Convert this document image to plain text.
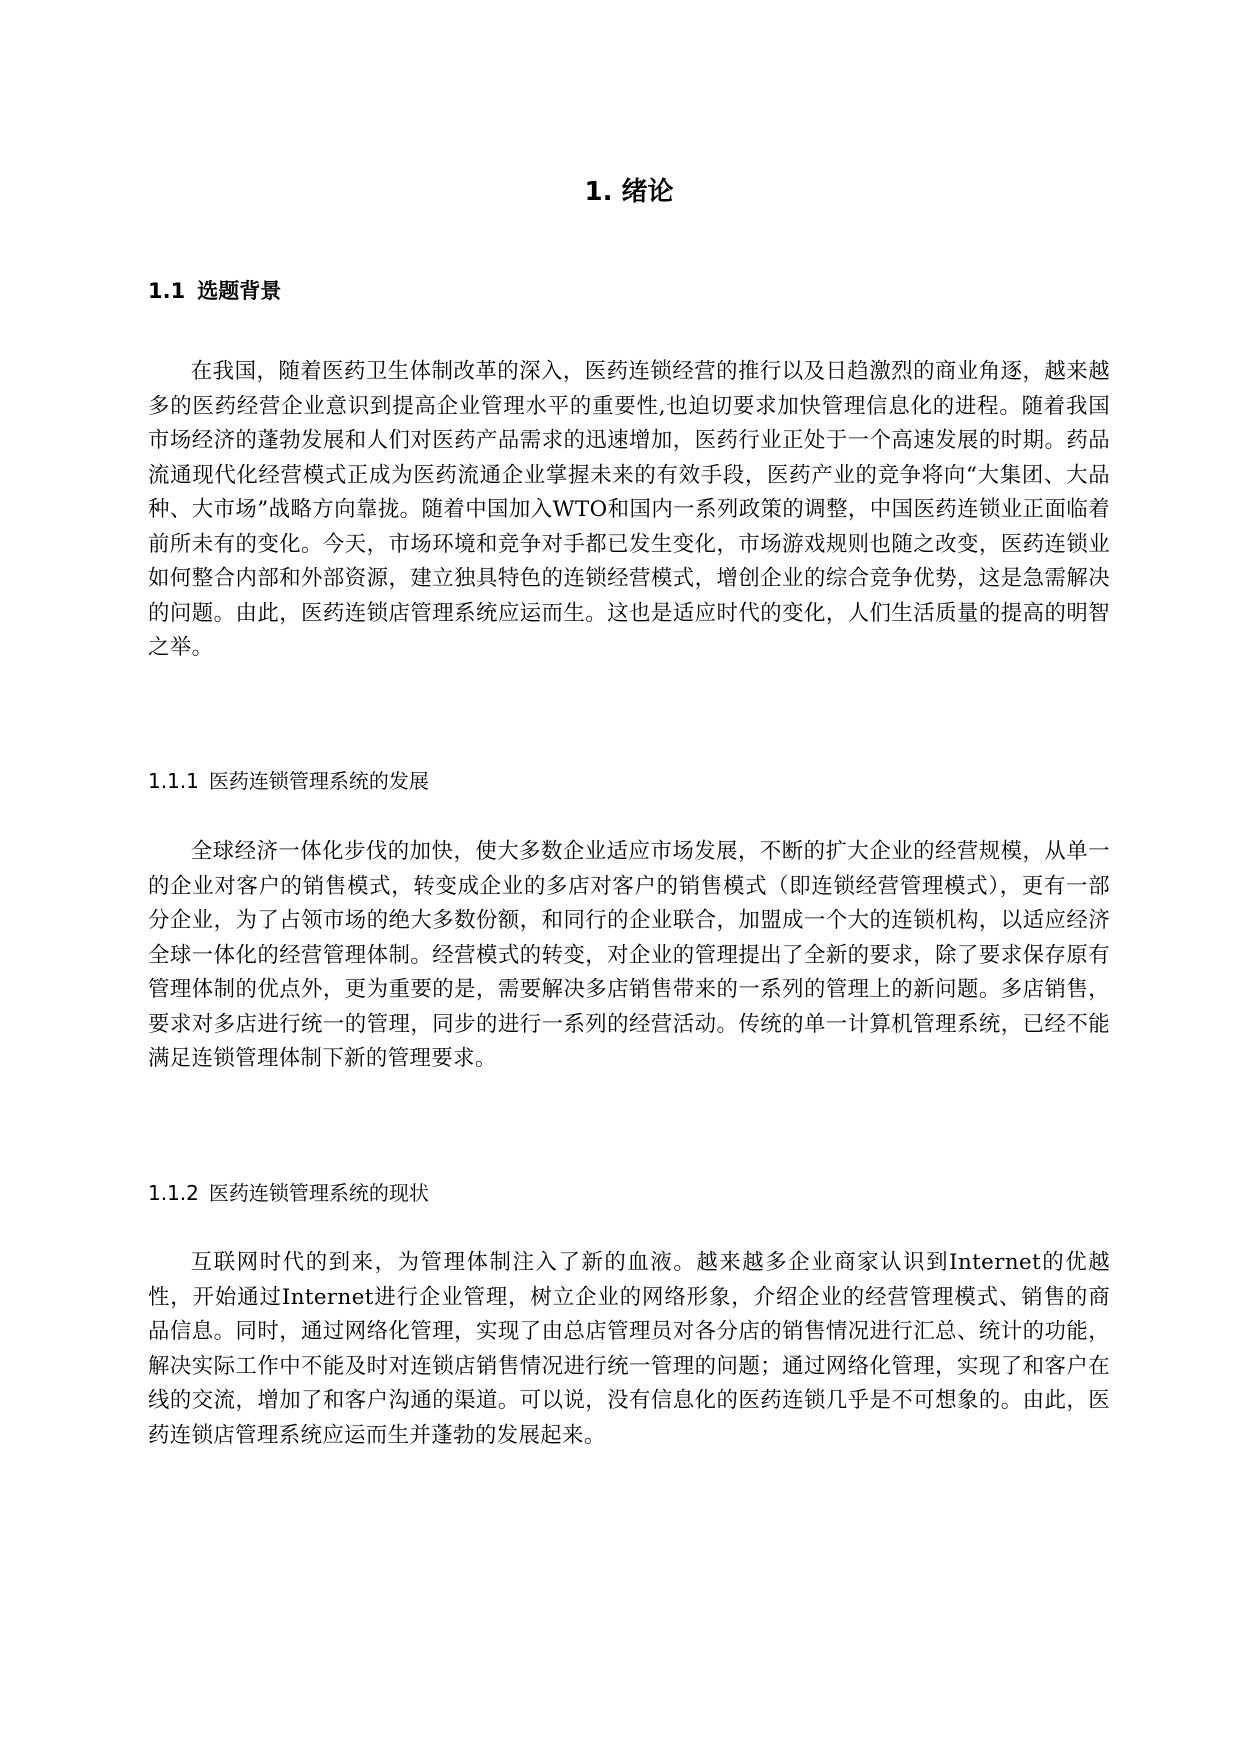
1. 绪论
1.1 选题背景

在我国，随着医药卫生体制改革的深入，医药连锁经营的推行以及日趋激烈的商业角逐，越来越多的医药经营企业意识到提高企业管理水平的重要性,也迫切要求加快管理信息化的进程。随着我国市场经济的蓬勃发展和人们对医药产品需求的迅速增加，医药行业正处于一个高速发展的时期。药品流通现代化经营模式正成为医药流通企业掌握未来的有效手段，医药产业的竞争将向“大集团、大品种、大市场”战略方向靠拢。随着中国加入WTO和国内一系列政策的调整，中国医药连锁业正面临着前所未有的变化。今天，市场环境和竞争对手都已发生变化，市场游戏规则也随之改变，医药连锁业如何整合内部和外部资源，建立独具特色的连锁经营模式，增创企业的综合竞争优势，这是急需解决的问题。由此，医药连锁店管理系统应运而生。这也是适应时代的变化，人们生活质量的提高的明智之举。

1.1.1 医药连锁管理系统的发展

全球经济一体化步伐的加快，使大多数企业适应市场发展，不断的扩大企业的经营规模，从单一的企业对客户的销售模式，转变成企业的多店对客户的销售模式（即连锁经营管理模式），更有一部分企业，为了占领市场的绝大多数份额，和同行的企业联合，加盟成一个大的连锁机构，以适应经济全球一体化的经营管理体制。经营模式的转变，对企业的管理提出了全新的要求，除了要求保存原有管理体制的优点外，更为重要的是，需要解决多店销售带来的一系列的管理上的新问题。多店销售，要求对多店进行统一的管理，同步的进行一系列的经营活动。传统的单一计算机管理系统，已经不能满足连锁管理体制下新的管理要求。

1.1.2 医药连锁管理系统的现状

互联网时代的到来，为管理体制注入了新的血液。越来越多企业商家认识到Internet的优越性，开始通过Internet进行企业管理，树立企业的网络形象，介绍企业的经营管理模式、销售的商品信息。同时，通过网络化管理，实现了由总店管理员对各分店的销售情况进行汇总、统计的功能，解决实际工作中不能及时对连锁店销售情况进行统一管理的问题；通过网络化管理，实现了和客户在线的交流，增加了和客户沟通的渠道。可以说，没有信息化的医药连锁几乎是不可想象的。由此，医药连锁店管理系统应运而生并蓬勃的发展起来。
